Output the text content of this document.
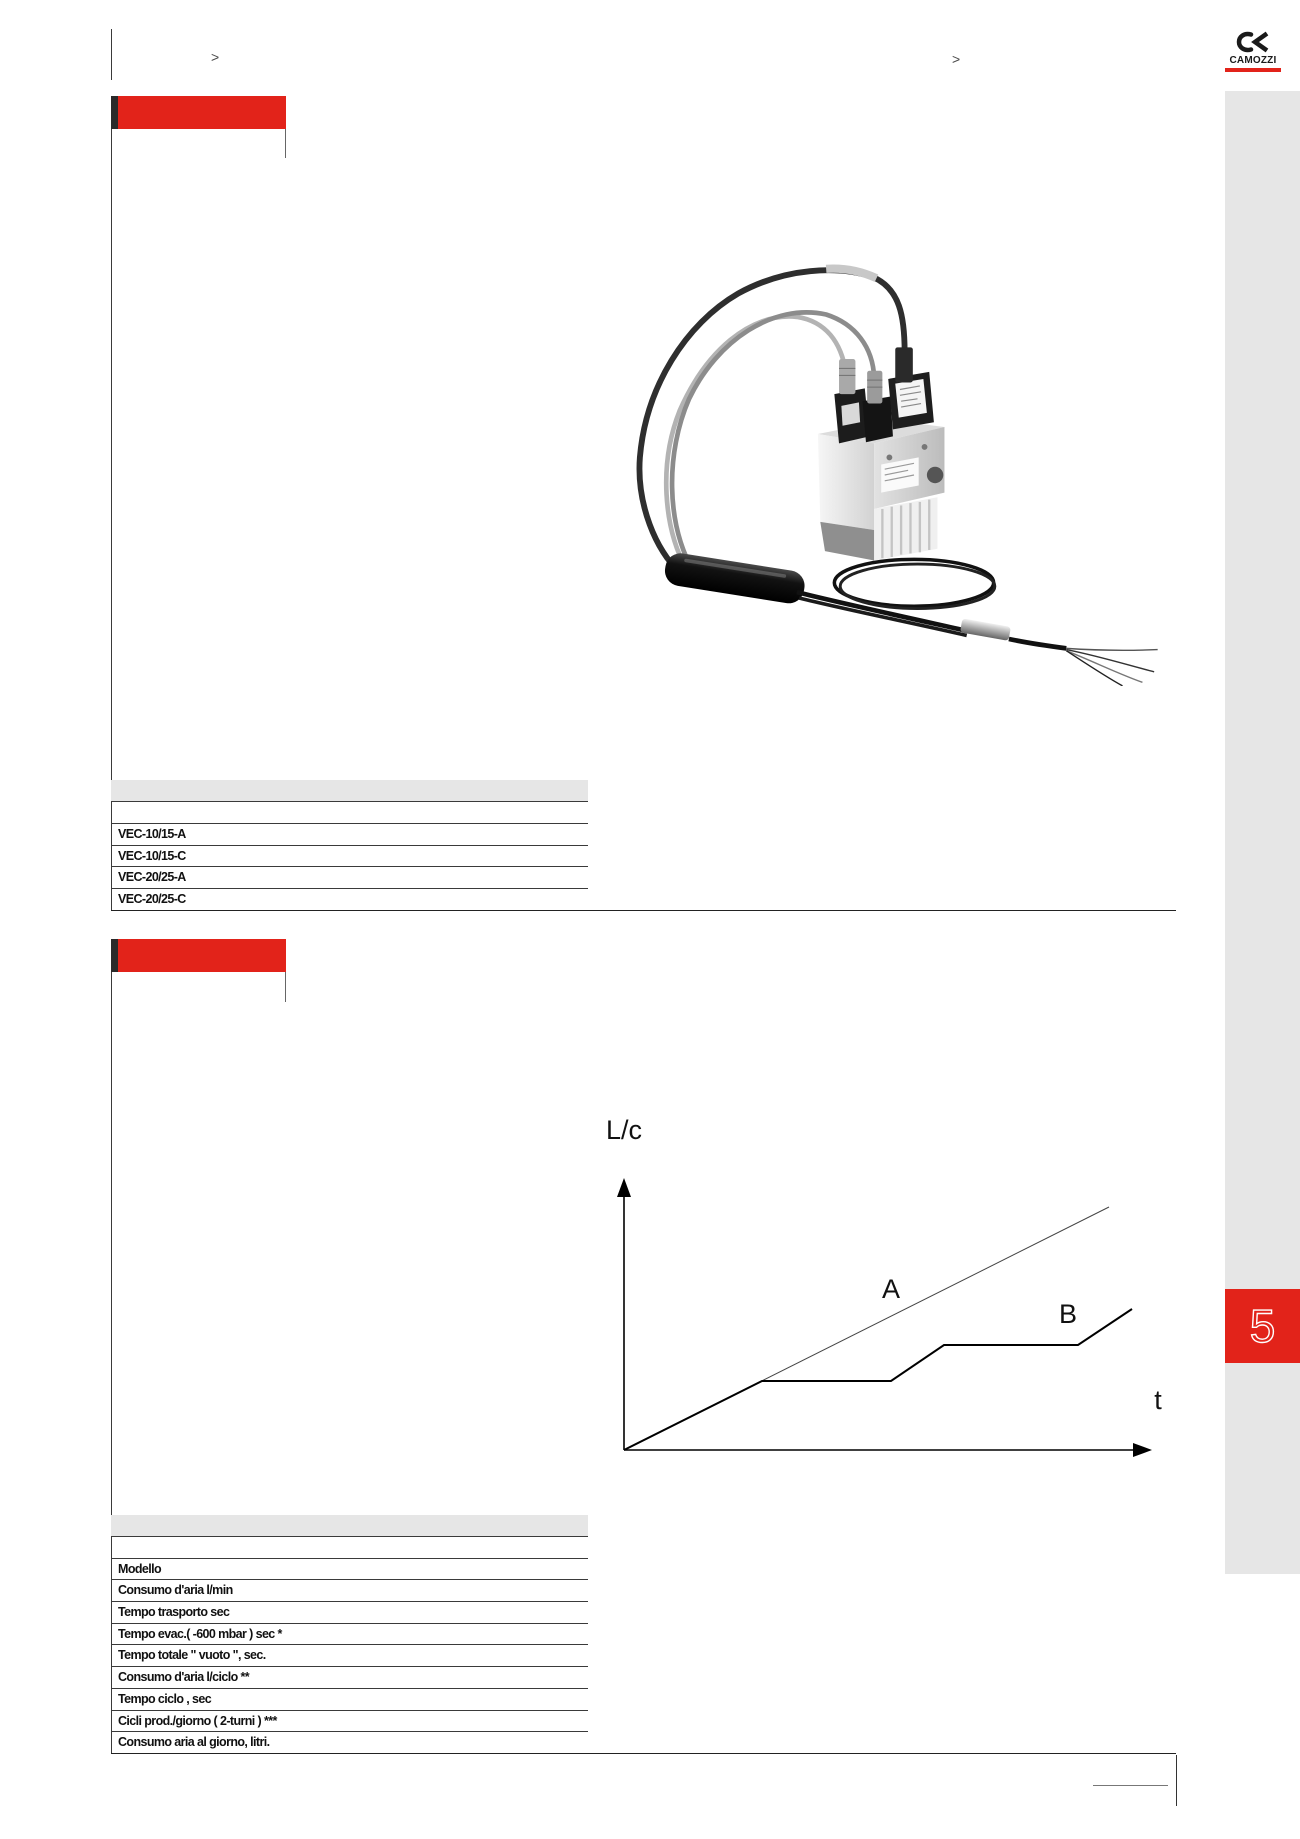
>	>	CAMOZZI
5
VEC-10/15-A
VEC-10/15-C
VEC-20/25-A
VEC-20/25-C
L/c
A
B
t
Modello
Consumo d'aria l/min
Tempo trasporto sec
Tempo evac.( -600 mbar ) sec *
Tempo totale " vuoto ", sec.
Consumo d'aria l/ciclo **
Tempo ciclo , sec
Cicli prod./giorno ( 2-turni ) ***
Consumo aria al giorno, litri.
